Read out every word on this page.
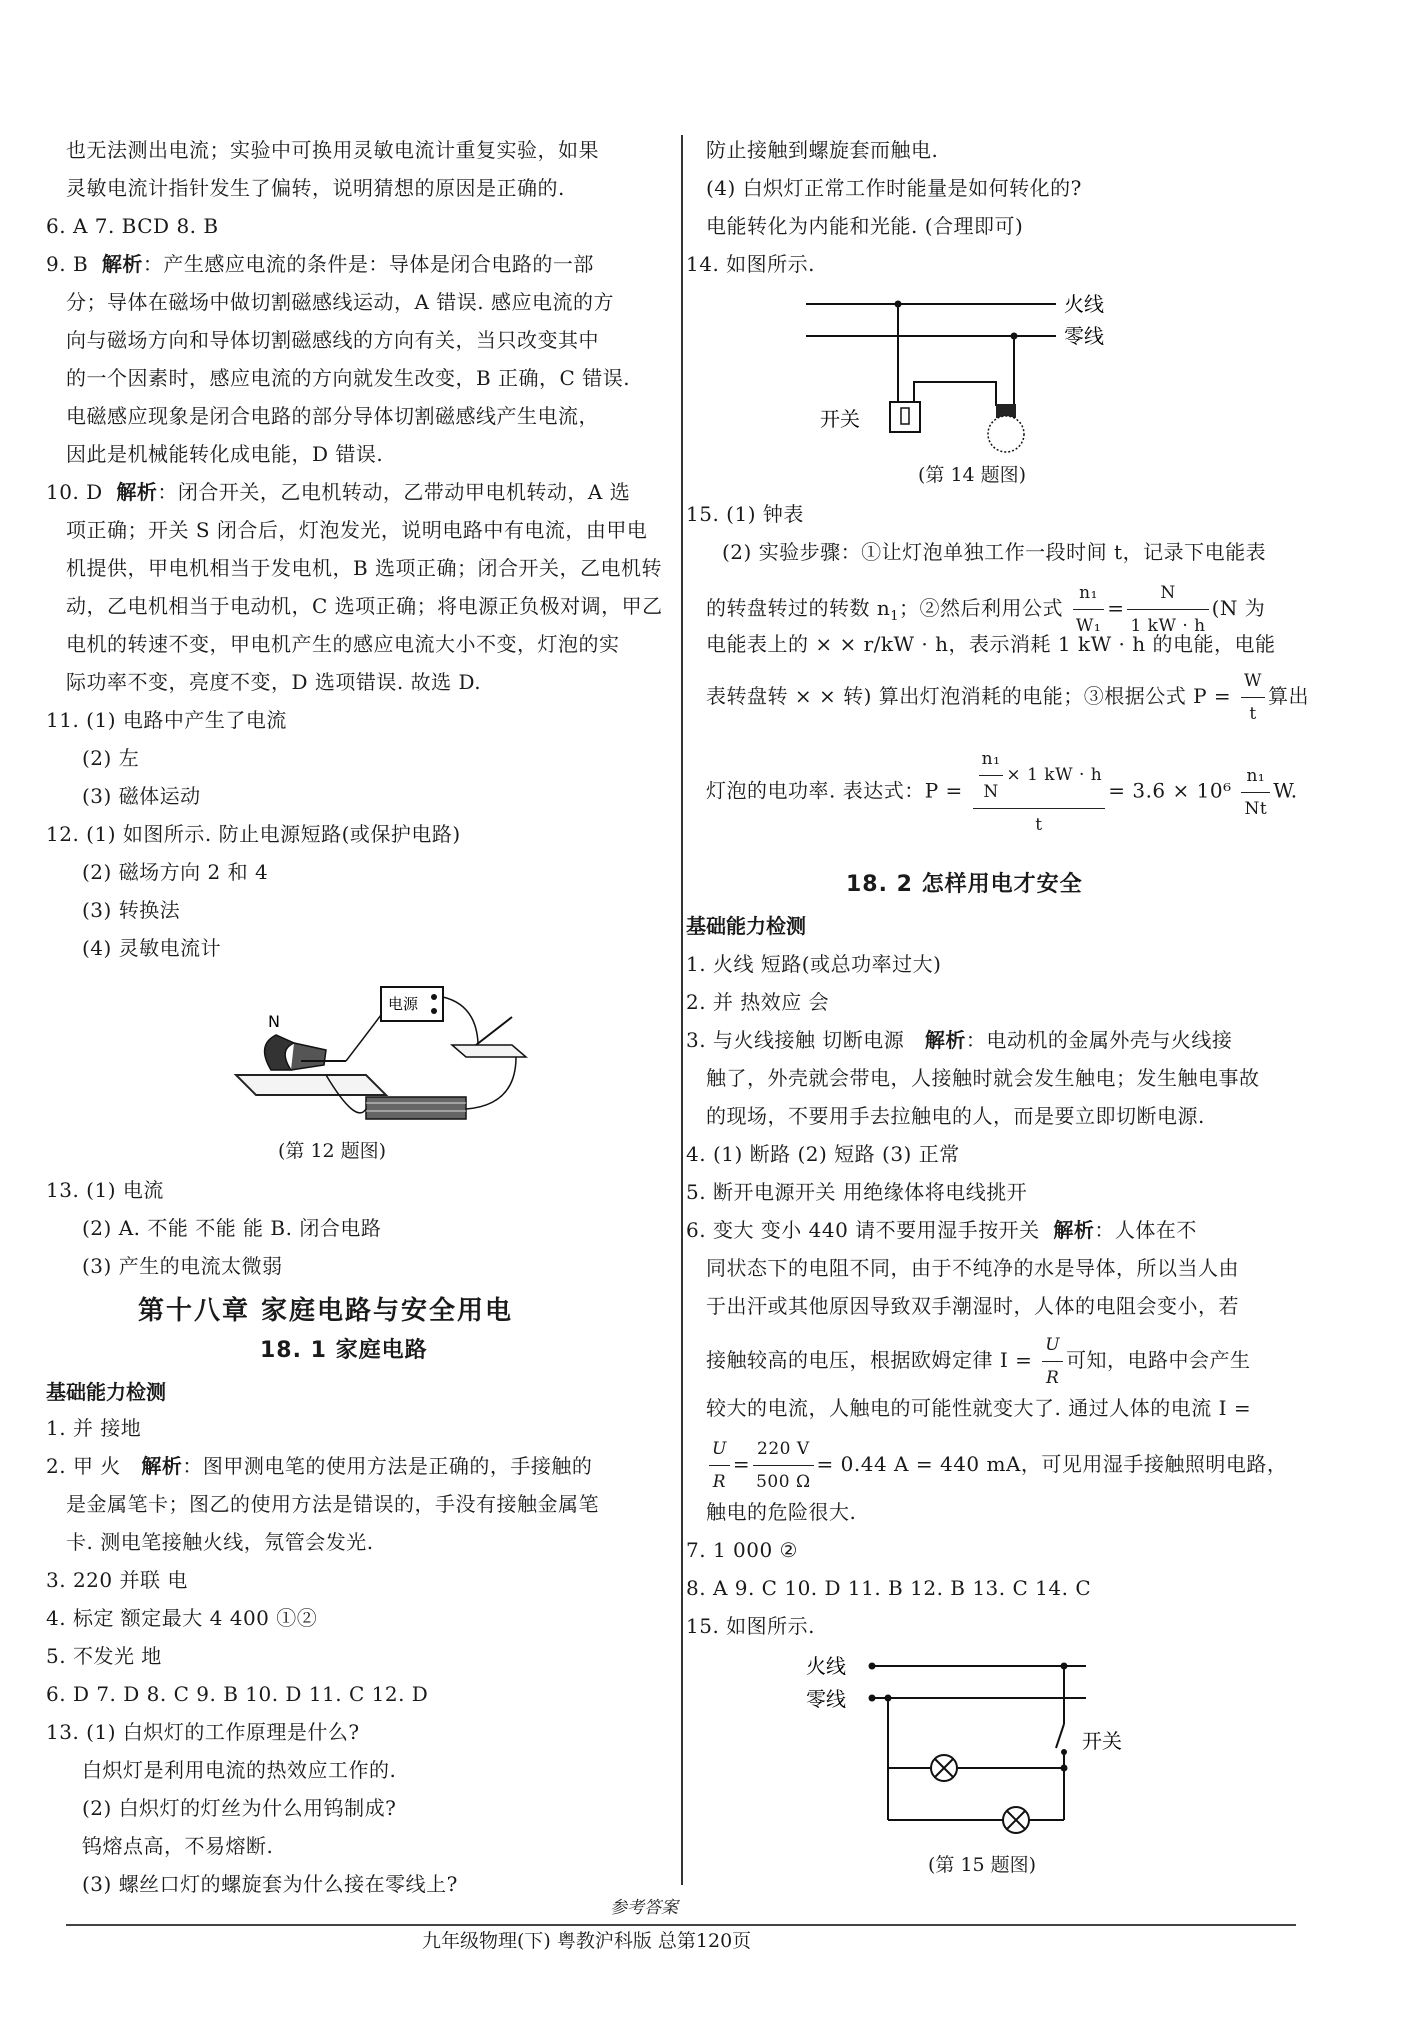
也无法测出电流；实验中可换用灵敏电流计重复实验，如果
灵敏电流计指针发生了偏转，说明猜想的原因是正确的.
6. A 7. BCD 8. B
9. B 解析：产生感应电流的条件是：导体是闭合电路的一部
分；导体在磁场中做切割磁感线运动，A 错误. 感应电流的方
向与磁场方向和导体切割磁感线的方向有关，当只改变其中
的一个因素时，感应电流的方向就发生改变，B 正确，C 错误.
电磁感应现象是闭合电路的部分导体切割磁感线产生电流，
因此是机械能转化成电能，D 错误.
10. D 解析：闭合开关，乙电机转动，乙带动甲电机转动，A 选
项正确；开关 S 闭合后，灯泡发光，说明电路中有电流，由甲电
机提供，甲电机相当于发电机，B 选项正确；闭合开关，乙电机转
动，乙电机相当于电动机，C 选项正确；将电源正负极对调，甲乙
电机的转速不变，甲电机产生的感应电流大小不变，灯泡的实
际功率不变，亮度不变，D 选项错误. 故选 D.
11. (1) 电路中产生了电流
(2) 左
(3) 磁体运动
12. (1) 如图所示. 防止电源短路(或保护电路)
(2) 磁场方向 2 和 4
(3) 转换法
(4) 灵敏电流计
N
电源
(第 12 题图)
13. (1) 电流
(2) A. 不能 不能 能 B. 闭合电路
(3) 产生的电流太微弱
第十八章 家庭电路与安全用电
18. 1 家庭电路
基础能力检测
1. 并 接地
2. 甲 火 解析：图甲测电笔的使用方法是正确的，手接触的
是金属笔卡；图乙的使用方法是错误的，手没有接触金属笔
卡. 测电笔接触火线，氖管会发光.
3. 220 并联 电
4. 标定 额定最大 4 400 ①②
5. 不发光 地
6. D 7. D 8. C 9. B 10. D 11. C 12. D
13. (1) 白炽灯的工作原理是什么?
白炽灯是利用电流的热效应工作的.
(2) 白炽灯的灯丝为什么用钨制成?
钨熔点高，不易熔断.
(3) 螺丝口灯的螺旋套为什么接在零线上?
防止接触到螺旋套而触电.
(4) 白炽灯正常工作时能量是如何转化的?
电能转化为内能和光能. (合理即可)
14. 如图所示.
火线
零线
开关
(第 14 题图)
15. (1) 钟表
(2) 实验步骤：①让灯泡单独工作一段时间 t，记录下电能表
的转盘转过的转数 $n_1$；②然后利用公式 $\frac{\text{n₁}}{\text{W₁}} = \frac{N}{1 kW \cdot h} (N$ 为
电能表上的 × × r/kW · h，表示消耗 1 kW · h 的电能，电能
表转盘转 × × 转) 算出灯泡消耗的电能；③根据公式 $P = \frac{W}{t}$ 算出
灯泡的电功率. 表达式：$P = \frac{\frac{\text{n₁}}{N} \times 1 kW \cdot h}{t} = 3.6 \times 10^6 \frac{\text{n₁}}{Nt} W$.
18. 2 怎样用电才安全
基础能力检测
1. 火线 短路(或总功率过大)
2. 并 热效应 会
3. 与火线接触 切断电源 解析：电动机的金属外壳与火线接
触了，外壳就会带电，人接触时就会发生触电；发生触电事故
的现场，不要用手去拉触电的人，而是要立即切断电源.
4. (1) 断路 (2) 短路 (3) 正常
5. 断开电源开关 用绝缘体将电线挑开
6. 变大 变小 440 请不要用湿手按开关 解析：人体在不
同状态下的电阻不同，由于不纯净的水是导体，所以当人由
于出汗或其他原因导致双手潮湿时，人体的电阻会变小，若
接触较高的电压，根据欧姆定律 $I = \frac{U}{R}$ 可知，电路中会产生
较大的电流，人触电的可能性就变大了. 通过人体的电流 I =
$\frac{U}{R} = \frac{220 V}{500 \Omega} = 0.44$ A = 440 mA，可见用湿手接触照明电路，
触电的危险很大.
7. 1 000 ②
8. A 9. C 10. D 11. B 12. B 13. C 14. C
15. 如图所示.
火线
零线
开关
(第 15 题图)
参考答案
九年级物理(下) 粤教沪科版 总第120页
